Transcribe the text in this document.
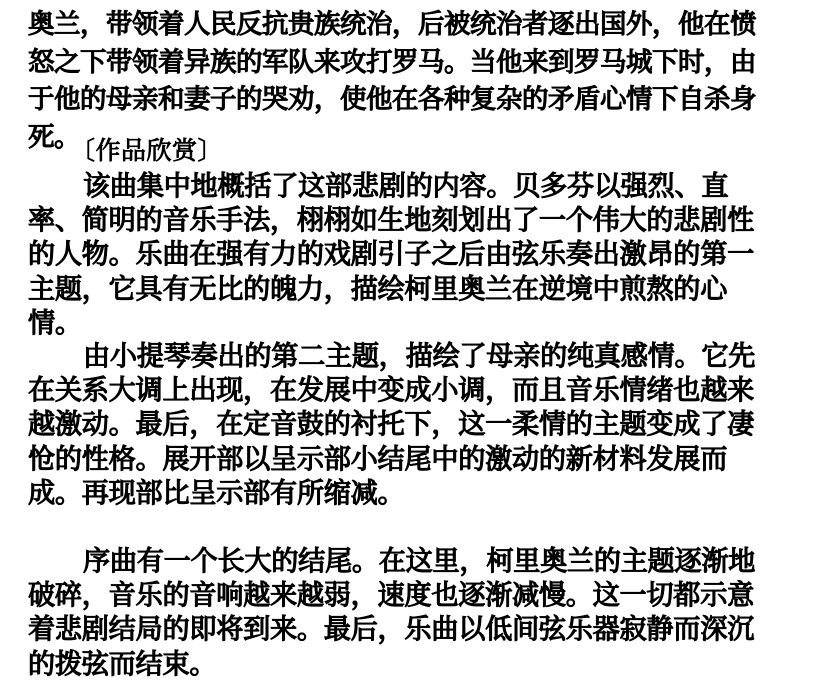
奥兰，带领着人民反抗贵族统治，后被统治者逐出国外，他在愤怒之下带领着异族的军队来攻打罗马。当他来到罗马城下时，由于他的母亲和妻子的哭劝，使他在各种复杂的矛盾心情下自杀身死。
〔作品欣赏〕
该曲集中地概括了这部悲剧的内容。贝多芬以强烈、直率、简明的音乐手法，栩栩如生地刻划出了一个伟大的悲剧性的人物。乐曲在强有力的戏剧引子之后由弦乐奏出激昂的第一主题，它具有无比的魄力，描绘柯里奥兰在逆境中煎熬的心情。
由小提琴奏出的第二主题，描绘了母亲的纯真感情。它先在关系大调上出现，在发展中变成小调，而且音乐情绪也越来越激动。最后，在定音鼓的衬托下，这一柔情的主题变成了凄怆的性格。展开部以呈示部小结尾中的激动的新材料发展而成。再现部比呈示部有所缩减。
序曲有一个长大的结尾。在这里，柯里奥兰的主题逐渐地破碎，音乐的音响越来越弱，速度也逐渐减慢。这一切都示意着悲剧结局的即将到来。最后，乐曲以低间弦乐器寂静而深沉的拨弦而结束。
